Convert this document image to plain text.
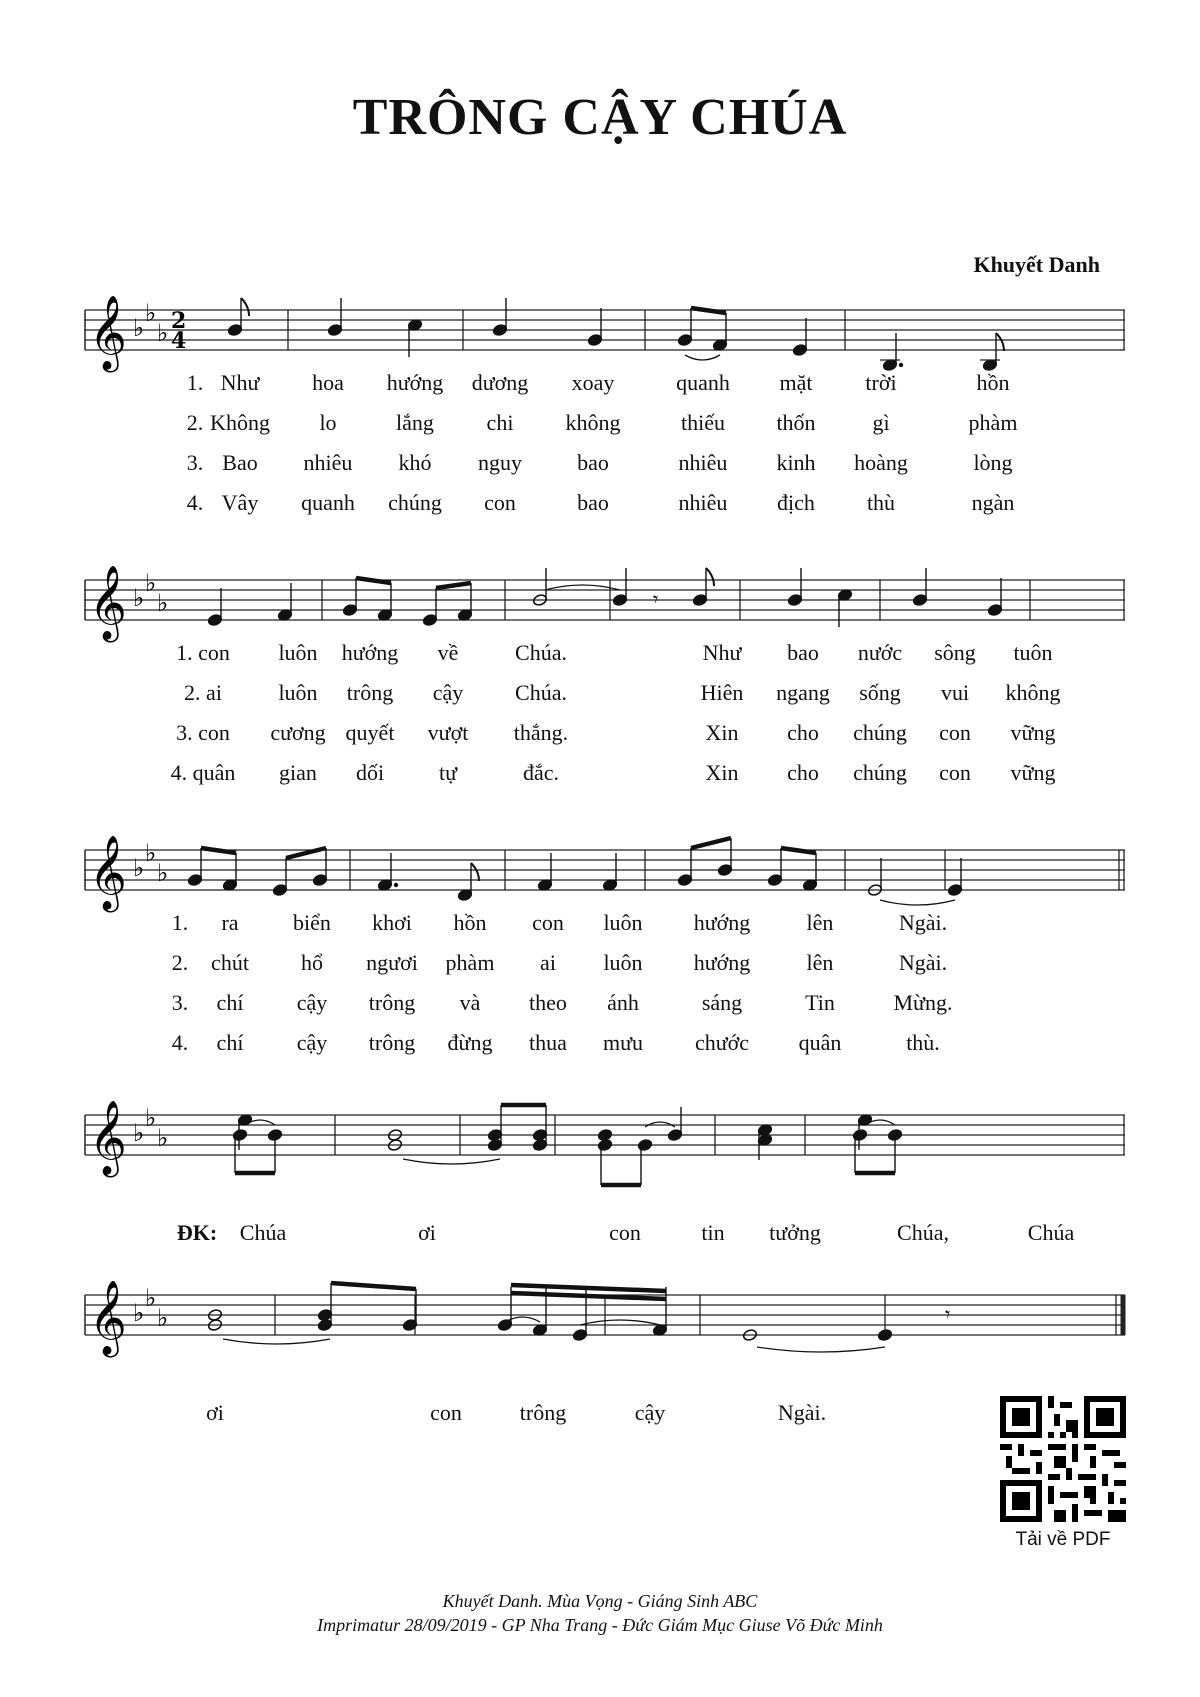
TRÔNG CẬY CHÚA
Khuyết Danh
𝄞 ♭
♭
♭ 2
4
1. Như hoa hướng dương xoay	quanh mặt trời	hồn
2. Không lo	lắng chi không	thiếu thốn	gì	phàm
3. Bao nhiêu khó nguy	bao	nhiêu kinh hoàng	lòng
4. Vây quanh chúng con	bao	nhiêu địch thù	ngàn
𝄞 ♭
♭
♭	𝄾
1. con luôn hướng về	Chúa.	Như bao nước sông tuôn
2. ai	luôn trông cậy Chúa.	Hiên ngang sống vui không
3. con cương quyết vượt thắng.	Xin cho chúng con vững
4. quân gian dối tự	đắc.	Xin cho chúng con vững
𝄞 ♭
♭
♭
1. ra biển khơi hồn con luôn hướng	lên	Ngài.
2. chút hổ ngươi phàm ai luôn hướng	lên	Ngài.
3. chí cậy trông và theo ánh	sáng	Tin	Mừng.
4. chí cậy trông đừng thua mưu chước quân	thù.
𝄞 ♭
♭
♭
ĐK: Chúa	ơi	con	tin tưởng	Chúa,	Chúa
𝄞 ♭
♭
♭	𝄾
ơi	con	trông	cậy	Ngài.
Tải về PDF
Khuyết Danh. Mùa Vọng - Giáng Sinh ABC
Imprimatur 28/09/2019 - GP Nha Trang - Đức Giám Mục Giuse Võ Đức Minh
